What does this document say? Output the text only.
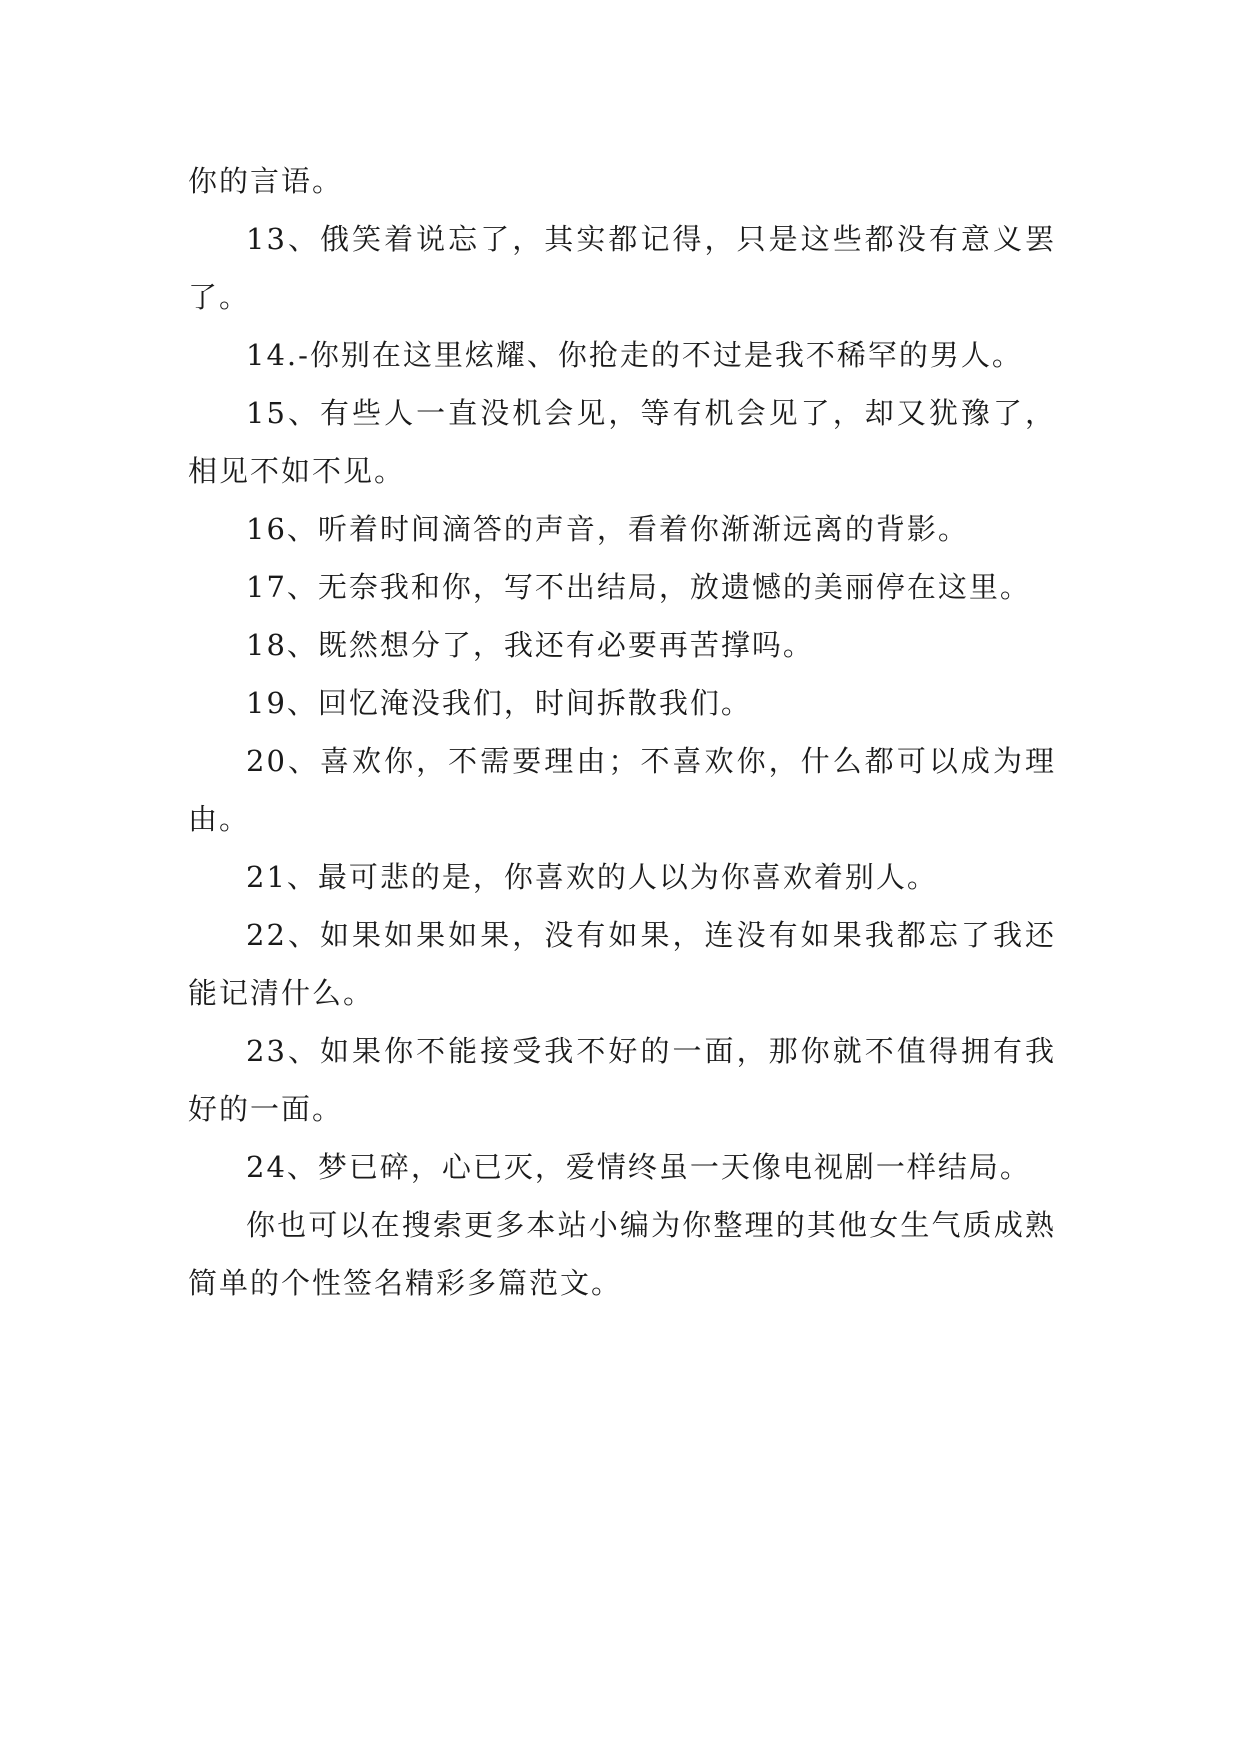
你的言语。

13、俄笑着说忘了，其实都记得，只是这些都没有意义罢了。

14.-你别在这里炫耀、你抢走的不过是我不稀罕的男人。

15、有些人一直没机会见，等有机会见了，却又犹豫了，相见不如不见。

16、听着时间滴答的声音，看着你渐渐远离的背影。

17、无奈我和你，写不出结局，放遗憾的美丽停在这里。

18、既然想分了，我还有必要再苦撑吗。

19、回忆淹没我们，时间拆散我们。

20、喜欢你，不需要理由；不喜欢你，什么都可以成为理由。

21、最可悲的是，你喜欢的人以为你喜欢着别人。

22、如果如果如果，没有如果，连没有如果我都忘了我还能记清什么。

23、如果你不能接受我不好的一面，那你就不值得拥有我好的一面。

24、梦已碎，心已灭，爱情终虽一天像电视剧一样结局。

你也可以在搜索更多本站小编为你整理的其他女生气质成熟简单的个性签名精彩多篇范文。
